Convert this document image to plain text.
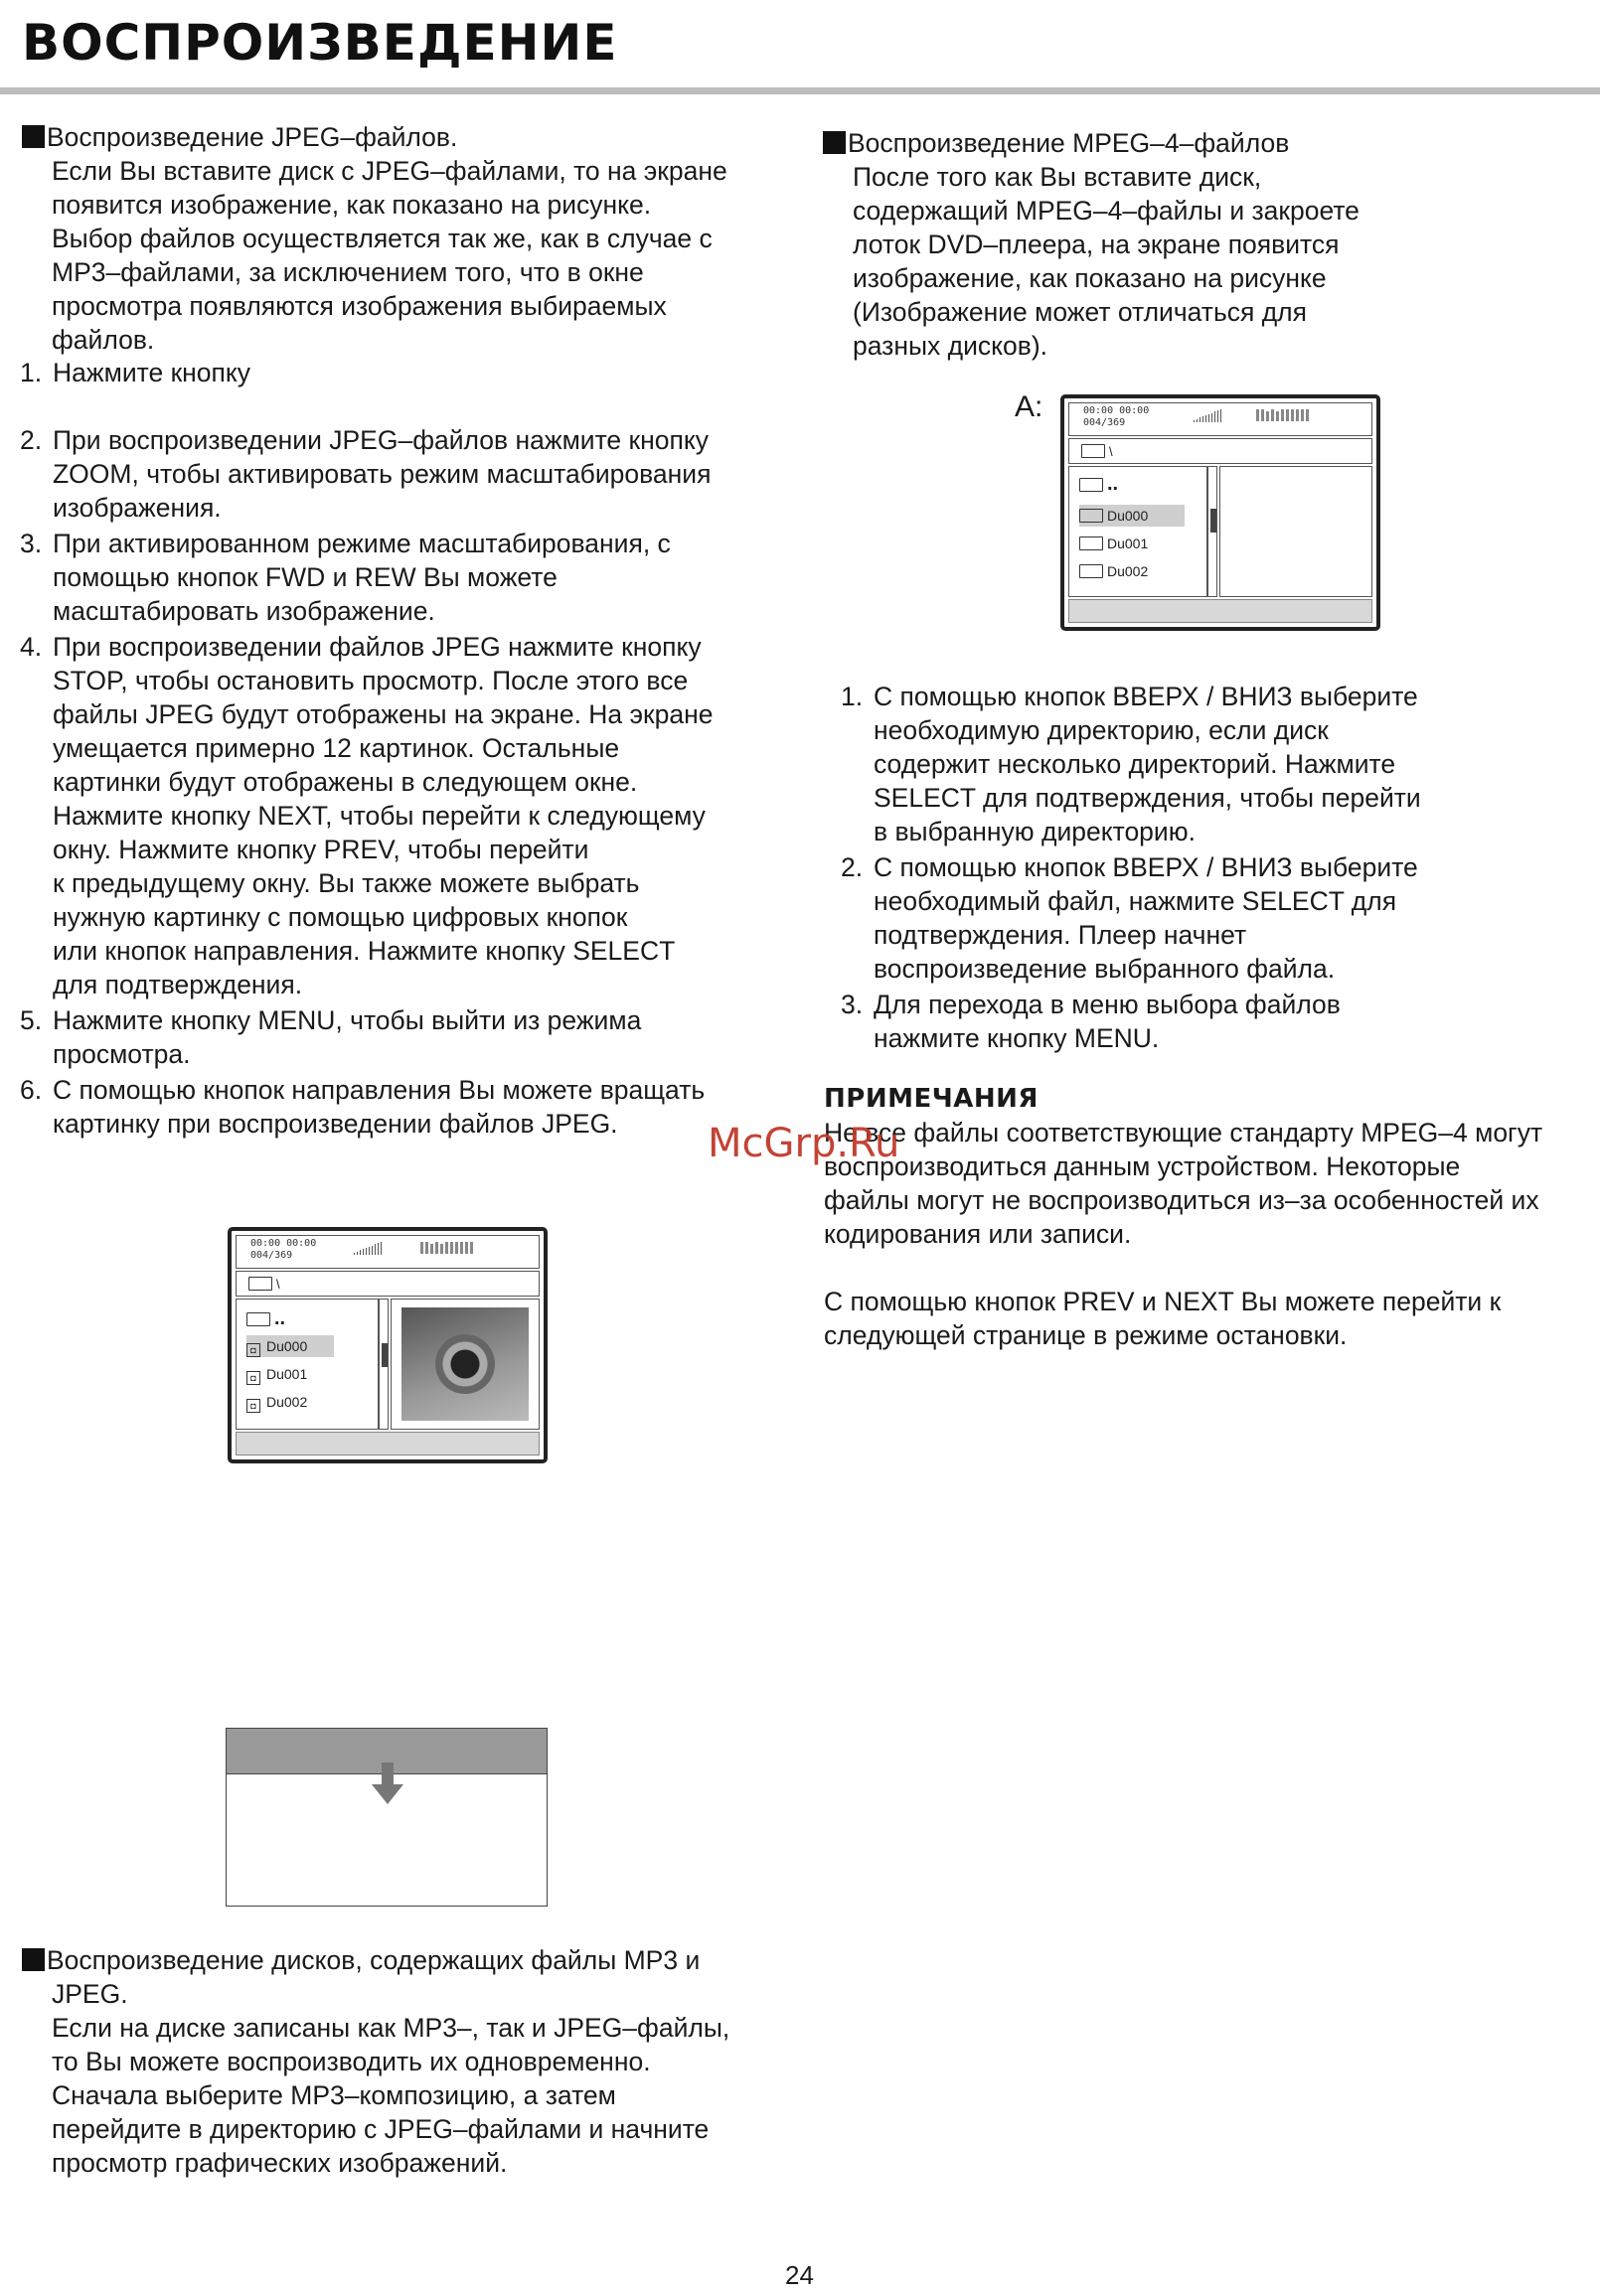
ВОСПРОИЗВЕДЕНИЕ
Воспроизведение JPEG–файлов.
Если Вы вставите диск с JPEG–файлами, то на экране
появится изображение, как показано на рисунке.
Выбор файлов осуществляется так же, как в случае с
MP3–файлами, за исключением того, что в окне
просмотра появляются изображения выбираемых
файлов.
1. Нажмите кнопку
2. При воспроизведении JPEG–файлов нажмите кнопку
ZOOM, чтобы активировать режим масштабирования
изображения.
3. При активированном режиме масштабирования, с
помощью кнопок FWD и REW Вы можете
масштабировать изображение.
4. При воспроизведении файлов JPEG нажмите кнопку
STOP, чтобы остановить просмотр. После этого все
файлы JPEG будут отображены на экране. На экране
умещается примерно 12 картинок. Остальные
картинки будут отображены в следующем окне.
Нажмите кнопку NEXT, чтобы перейти к следующему
окну. Нажмите кнопку PREV, чтобы перейти
к предыдущему окну. Вы также можете выбрать
нужную картинку с помощью цифровых кнопок
или кнопок направления. Нажмите кнопку SELECT
для подтверждения.
5. Нажмите кнопку MENU, чтобы выйти из режима
просмотра.
6. С помощью кнопок направления Вы можете вращать
картинку при воспроизведении файлов JPEG.
00:00 00:00
004/369
\
..
◘ Du000
◘ Du001
◘ Du002
Воспроизведение дисков, содержащих файлы MP3 и
JPEG.
Если на диске записаны как MP3–, так и JPEG–файлы,
то Вы можете воспроизводить их одновременно.
Сначала выберите MP3–композицию, а затем
перейдите в директорию с JPEG–файлами и начните
просмотр графических изображений.
Воспроизведение MPEG–4–файлов
После того как Вы вставите диск,
содержащий MPEG–4–файлы и закроете
лоток DVD–плеера, на экране появится
изображение, как показано на рисунке
(Изображение может отличаться для
разных дисков).
A:	00:00 00:00
004/369
\
..
Du000
Du001
Du002
1. С помощью кнопок ВВЕРХ / ВНИЗ выберите
необходимую директорию, если диск
содержит несколько директорий. Нажмите
SELECT для подтверждения, чтобы перейти
в выбранную директорию.
2. С помощью кнопок ВВЕРХ / ВНИЗ выберите
необходимый файл, нажмите SELECT для
подтверждения. Плеер начнет
воспроизведение выбранного файла.
3. Для перехода в меню выбора файлов
нажмите кнопку MENU.
ПРИМЕЧАНИЯ
Не все файлы соответствующие стандарту MPEG–4 могут
воспроизводиться данным устройством. Некоторые
файлы могут не воспроизводиться из–за особенностей их
кодирования или записи.
С помощью кнопок PREV и NEXT Вы можете перейти к
следующей странице в режиме остановки.
McGrp.Ru
24
